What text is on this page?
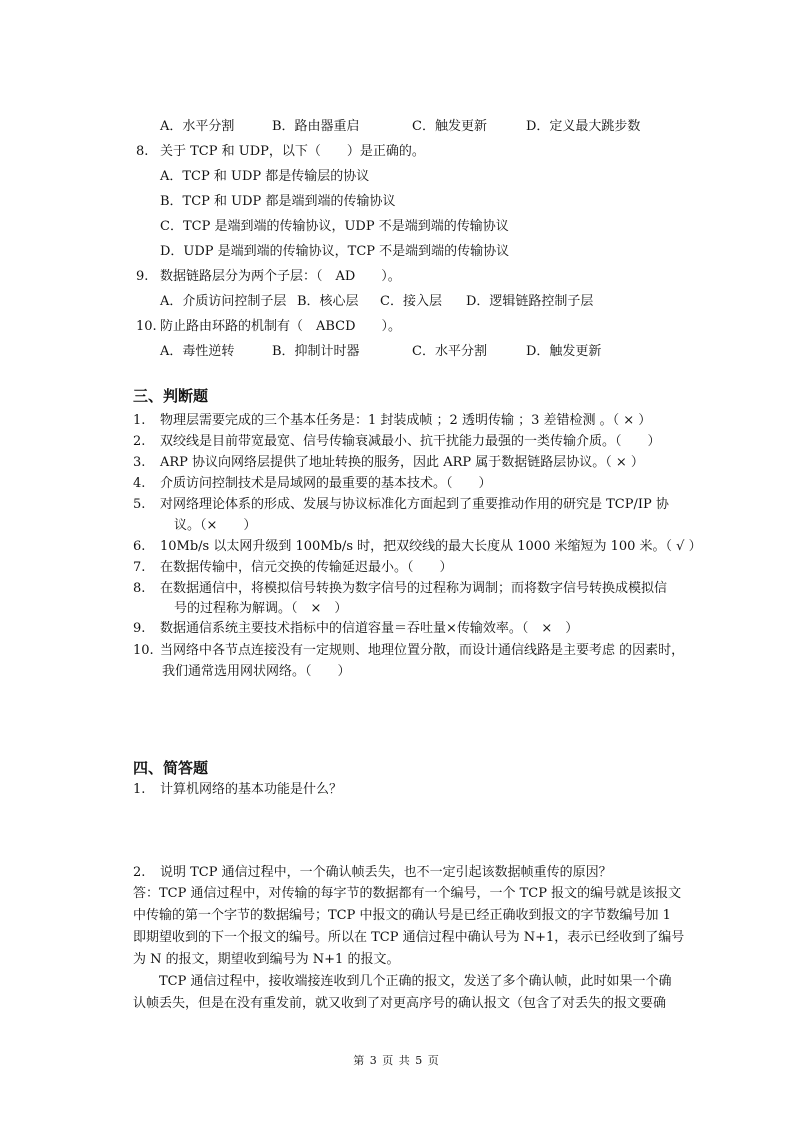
A．水平分割	B．路由器重启	C．触发更新	D．定义最大跳步数
8. 关于 TCP 和 UDP，以下（　　）是正确的。
A．TCP 和 UDP 都是传输层的协议
B．TCP 和 UDP 都是端到端的传输协议
C．TCP 是端到端的传输协议，UDP 不是端到端的传输协议
D．UDP 是端到端的传输协议，TCP 不是端到端的传输协议
9. 数据链路层分为两个子层：（　AD　　）。
A．介质访问控制子层 B．核心层 C．接入层 D．逻辑链路控制子层
10. 防止路由环路的机制有（　ABCD　　）。
A．毒性逆转	B．抑制计时器	C．水平分割	D．触发更新
三、判断题
1. 物理层需要完成的三个基本任务是：1 封装成帧 ；2 透明传输 ；3 差错检测 。（ × ）
2. 双绞线是目前带宽最宽、信号传输衰减最小、抗干扰能力最强的一类传输介质。（　　）
3. ARP 协议向网络层提供了地址转换的服务，因此 ARP 属于数据链路层协议。（ × ）
4. 介质访问控制技术是局域网的最重要的基本技术。（　　）
5. 对网络理论体系的形成、发展与协议标准化方面起到了重要推动作用的研究是 TCP/IP 协
议。（×　　）
6. 10Mb/s 以太网升级到 100Mb/s 时，把双绞线的最大长度从 1000 米缩短为 100 米。（ √ ）
7. 在数据传输中，信元交换的传输延迟最小。（　　）
8. 在数据通信中，将模拟信号转换为数字信号的过程称为调制；而将数字信号转换成模拟信
号的过程称为解调。（　×　）
9. 数据通信系统主要技术指标中的信道容量＝吞吐量×传输效率。（　×　）
10. 当网络中各节点连接没有一定规则、地理位置分散，而设计通信线路是主要考虑 的因素时，
我们通常选用网状网络。（　　）
四、简答题
1. 计算机网络的基本功能是什么？
2. 说明 TCP 通信过程中，一个确认帧丢失，也不一定引起该数据帧重传的原因？
答：TCP 通信过程中，对传输的每字节的数据都有一个编号，一个 TCP 报文的编号就是该报文
中传输的第一个字节的数据编号；TCP 中报文的确认号是已经正确收到报文的字节数编号加 1
即期望收到的下一个报文的编号。所以在 TCP 通信过程中确认号为 N+1，表示已经收到了编号
为 N 的报文，期望收到编号为 N+1 的报文。
　　TCP 通信过程中，接收端接连收到几个正确的报文，发送了多个确认帧，此时如果一个确
认帧丢失，但是在没有重发前，就又收到了对更高序号的确认报文（包含了对丢失的报文要确
第 3 页 共 5 页
